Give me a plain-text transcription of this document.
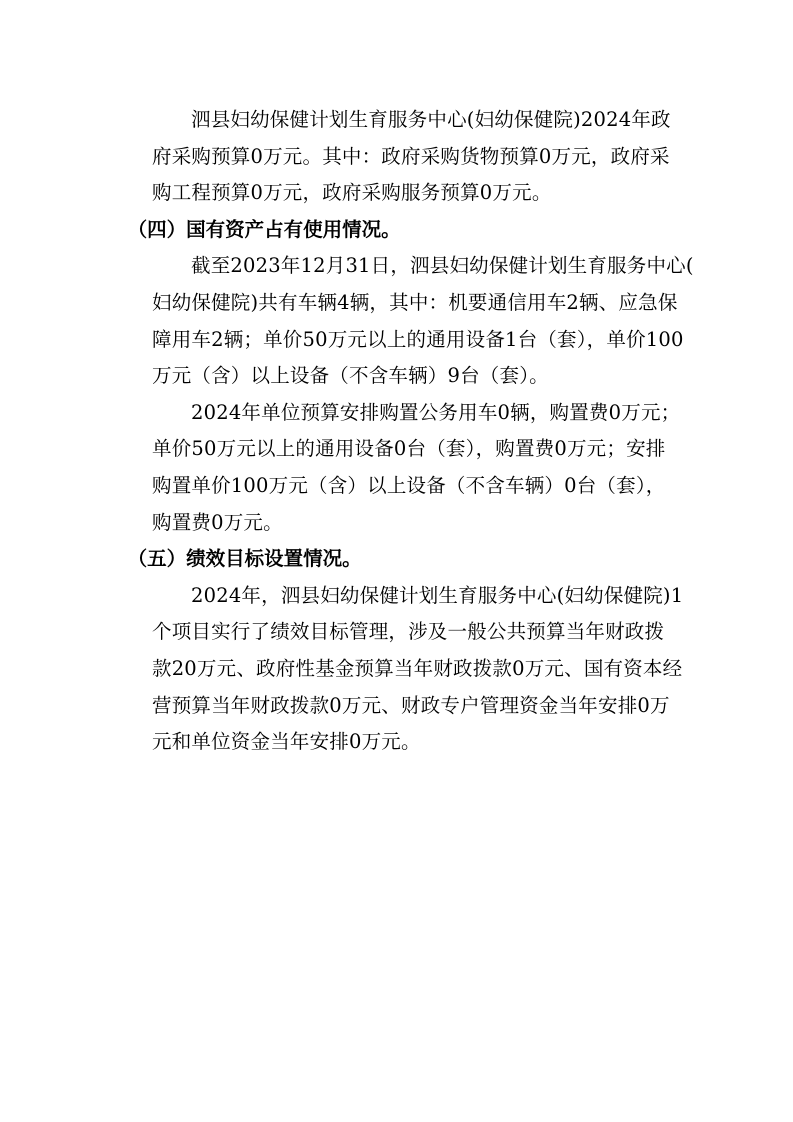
泗县妇幼保健计划生育服务中心(妇幼保健院)2024年政
府采购预算0万元。其中：政府采购货物预算0万元，政府采
购工程预算0万元，政府采购服务预算0万元。
（四）国有资产占有使用情况。
截至2023年12月31日，泗县妇幼保健计划生育服务中心(
妇幼保健院)共有车辆4辆，其中：机要通信用车2辆、应急保
障用车2辆；单价50万元以上的通用设备1台（套），单价100
万元（含）以上设备（不含车辆）9台（套）。
2024年单位预算安排购置公务用车0辆，购置费0万元；
单价50万元以上的通用设备0台（套），购置费0万元；安排
购置单价100万元（含）以上设备（不含车辆）0台（套），
购置费0万元。
（五）绩效目标设置情况。
2024年，泗县妇幼保健计划生育服务中心(妇幼保健院)1
个项目实行了绩效目标管理，涉及一般公共预算当年财政拨
款20万元、政府性基金预算当年财政拨款0万元、国有资本经
营预算当年财政拨款0万元、财政专户管理资金当年安排0万
元和单位资金当年安排0万元。
